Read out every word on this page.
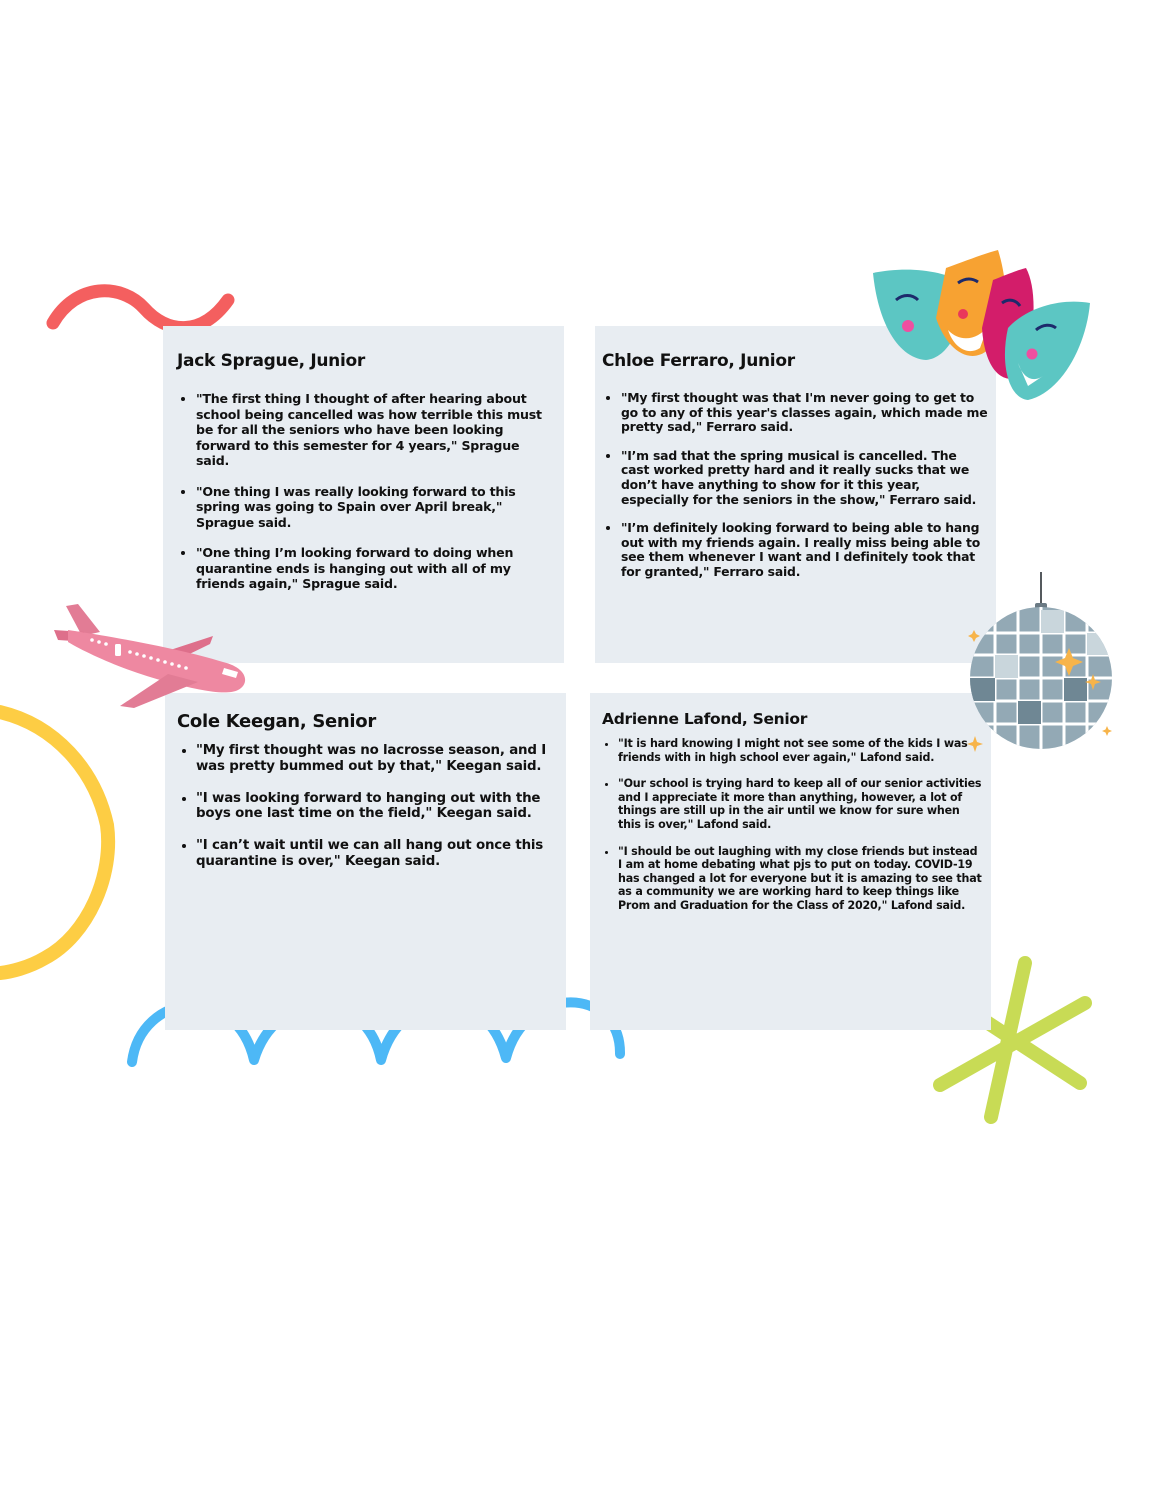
Jack Sprague, Junior
• "The first thing I thought of after hearing about school being cancelled was how terrible this must be for all the seniors who have been looking forward to this semester for 4 years," Sprague said.
• "One thing I was really looking forward to this spring was going to Spain over April break," Sprague said.
• "One thing I’m looking forward to doing when quarantine ends is hanging out with all of my friends again," Sprague said.
Chloe Ferraro, Junior
• "My first thought was that I'm never going to get to go to any of this year's classes again, which made me pretty sad," Ferraro said.
• "I’m sad that the spring musical is cancelled. The cast worked pretty hard and it really sucks that we don’t have anything to show for it this year, especially for the seniors in the show," Ferraro said.
• "I’m definitely looking forward to being able to hang out with my friends again. I really miss being able to see them whenever I want and I definitely took that for granted," Ferraro said.
Cole Keegan, Senior
• "My first thought was no lacrosse season, and I was pretty bummed out by that," Keegan said.
• "I was looking forward to hanging out with the boys one last time on the field," Keegan said.
• "I can’t wait until we can all hang out once this quarantine is over," Keegan said.
Adrienne Lafond, Senior
• "It is hard knowing I might not see some of the kids I was friends with in high school ever again," Lafond said.
• "Our school is trying hard to keep all of our senior activities and I appreciate it more than anything, however, a lot of things are still up in the air until we know for sure when this is over," Lafond said.
• "I should be out laughing with my close friends but instead I am at home debating what pjs to put on today. COVID-19 has changed a lot for everyone but it is amazing to see that as a community we are working hard to keep things like Prom and Graduation for the Class of 2020," Lafond said.
